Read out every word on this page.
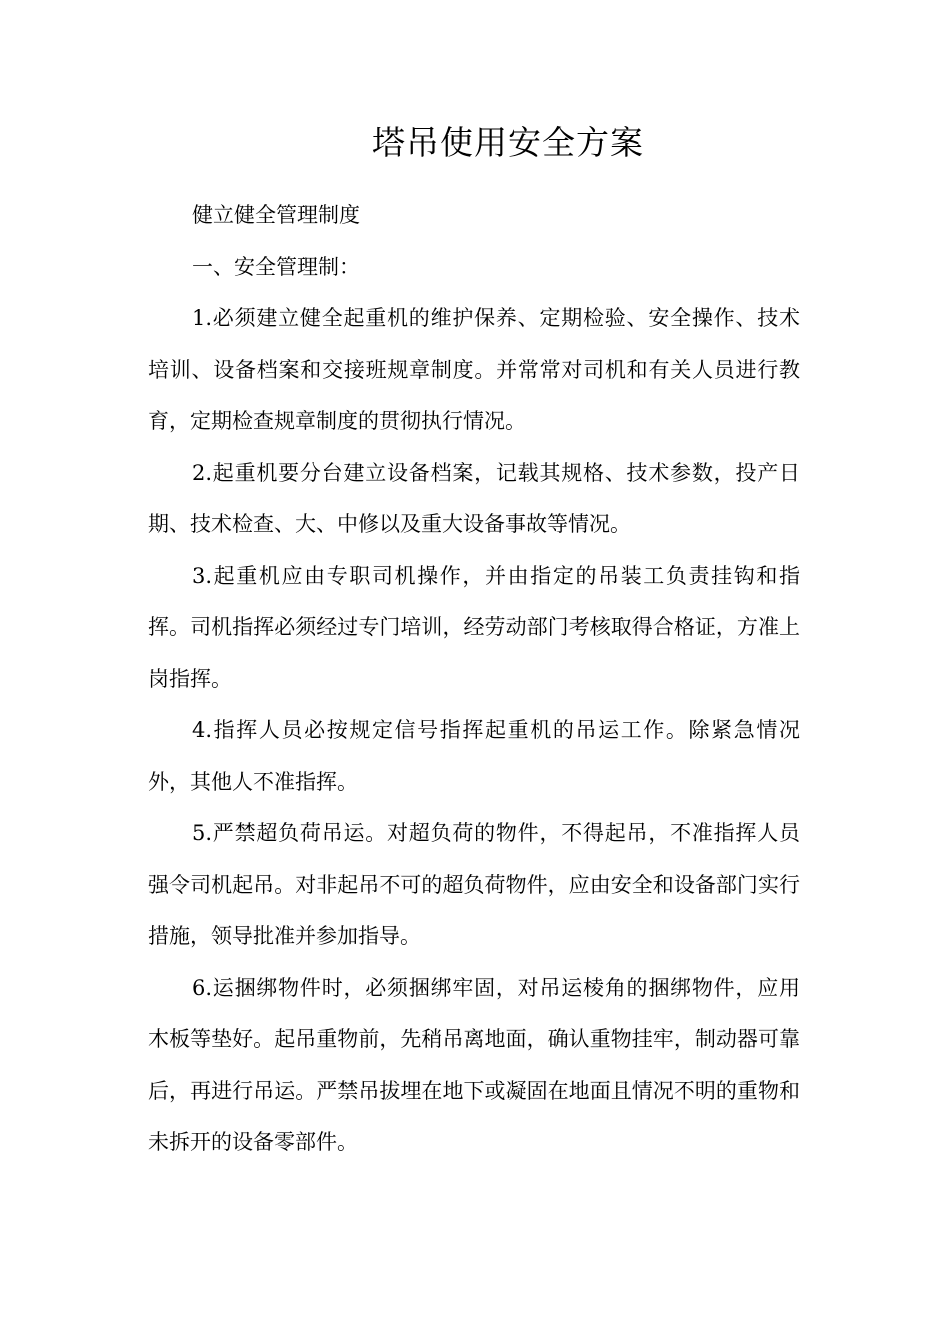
塔吊使用安全方案

健立健全管理制度

一、安全管理制：

1.必须建立健全起重机的维护保养、定期检验、安全操作、技术培训、设备档案和交接班规章制度。并常常对司机和有关人员进行教育，定期检查规章制度的贯彻执行情况。

2.起重机要分台建立设备档案，记载其规格、技术参数，投产日期、技术检查、大、中修以及重大设备事故等情况。

3.起重机应由专职司机操作，并由指定的吊装工负责挂钩和指挥。司机指挥必须经过专门培训，经劳动部门考核取得合格证，方准上岗指挥。

4.指挥人员必按规定信号指挥起重机的吊运工作。除紧急情况外，其他人不准指挥。

5.严禁超负荷吊运。对超负荷的物件，不得起吊，不准指挥人员强令司机起吊。对非起吊不可的超负荷物件，应由安全和设备部门实行措施，领导批准并参加指导。

6.运捆绑物件时，必须捆绑牢固，对吊运棱角的捆绑物件，应用木板等垫好。起吊重物前，先稍吊离地面，确认重物挂牢，制动器可靠后，再进行吊运。严禁吊拔埋在地下或凝固在地面且情况不明的重物和未拆开的设备零部件。
